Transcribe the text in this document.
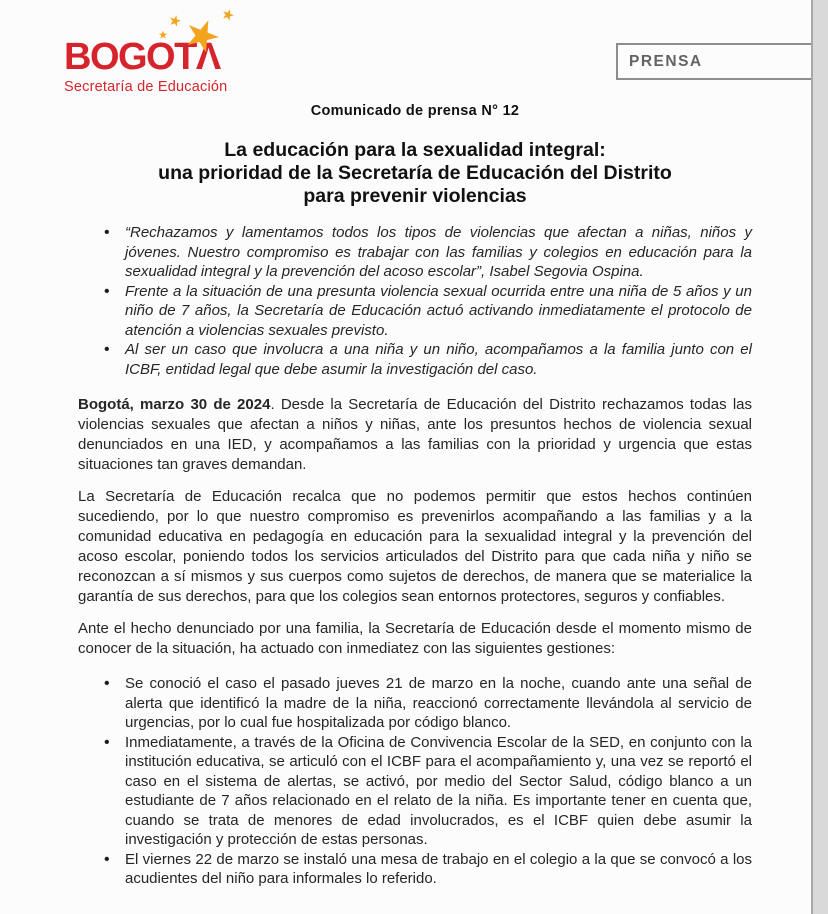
BOGOTΛ
Secretaría de Educación
PRENSA
Comunicado de prensa N° 12
La educación para la sexualidad integral:
una prioridad de la Secretaría de Educación del Distrito
para prevenir violencias
• “Rechazamos y lamentamos todos los tipos de violencias que afectan a niñas, niños y jóvenes. Nuestro compromiso es trabajar con las familias y colegios en educación para la sexualidad integral y la prevención del acoso escolar”, Isabel Segovia Ospina.
• Frente a la situación de una presunta violencia sexual ocurrida entre una niña de 5 años y un niño de 7 años, la Secretaría de Educación actuó activando inmediatamente el protocolo de atención a violencias sexuales previsto.
• Al ser un caso que involucra a una niña y un niño, acompañamos a la familia junto con el ICBF, entidad legal que debe asumir la investigación del caso.

Bogotá, marzo 30 de 2024. Desde la Secretaría de Educación del Distrito rechazamos todas las violencias sexuales que afectan a niños y niñas, ante los presuntos hechos de violencia sexual denunciados en una IED, y acompañamos a las familias con la prioridad y urgencia que estas situaciones tan graves demandan.

La Secretaría de Educación recalca que no podemos permitir que estos hechos continúen sucediendo, por lo que nuestro compromiso es prevenirlos acompañando a las familias y a la comunidad educativa en pedagogía en educación para la sexualidad integral y la prevención del acoso escolar, poniendo todos los servicios articulados del Distrito para que cada niña y niño se reconozcan a sí mismos y sus cuerpos como sujetos de derechos, de manera que se materialice la garantía de sus derechos, para que los colegios sean entornos protectores, seguros y confiables.

Ante el hecho denunciado por una familia, la Secretaría de Educación desde el momento mismo de conocer de la situación, ha actuado con inmediatez con las siguientes gestiones:

• Se conoció el caso el pasado jueves 21 de marzo en la noche, cuando ante una señal de alerta que identificó la madre de la niña, reaccionó correctamente llevándola al servicio de urgencias, por lo cual fue hospitalizada por código blanco.
• Inmediatamente, a través de la Oficina de Convivencia Escolar de la SED, en conjunto con la institución educativa, se articuló con el ICBF para el acompañamiento y, una vez se reportó el caso en el sistema de alertas, se activó, por medio del Sector Salud, código blanco a un estudiante de 7 años relacionado en el relato de la niña. Es importante tener en cuenta que, cuando se trata de menores de edad involucrados, es el ICBF quien debe asumir la investigación y protección de estas personas.
• El viernes 22 de marzo se instaló una mesa de trabajo en el colegio a la que se convocó a los acudientes del niño para informales lo referido.
